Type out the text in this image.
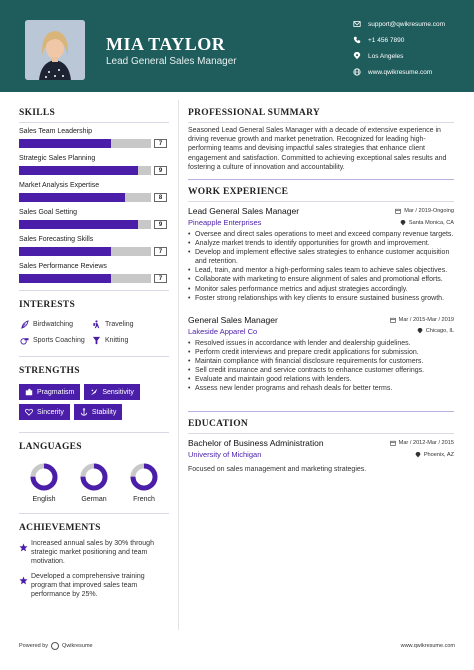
MIA TAYLOR
Lead General Sales Manager
support@qwikresume.com
+1 456 7890
Los Angeles
www.qwikresume.com
SKILLS
Sales Team Leadership
7
Strategic Sales Planning
9
Market Analysis Expertise
8
Sales Goal Setting
9
Sales Forecasting Skills
7
Sales Performance Reviews
7
INTERESTS
Birdwatching	Traveling
Sports Coaching	Knitting
STRENGTHS
Pragmatism	Sensitivity
Sincerity	Stability
LANGUAGES
English	German	French
ACHIEVEMENTS
Increased annual sales by 30% through strategic market positioning and team motivation.
Developed a comprehensive training program that improved sales team performance by 25%.
PROFESSIONAL SUMMARY
Seasoned Lead General Sales Manager with a decade of extensive experience in driving revenue growth and market penetration. Recognized for leading high-performing teams and devising impactful sales strategies that enhance client engagement and satisfaction. Committed to achieving exceptional sales results and fostering a culture of innovation and accountability.
WORK EXPERIENCE
Lead General Sales Manager	Mar / 2019-Ongoing
Pineapple Enterprises	Santa Monica, CA
• Oversee and direct sales operations to meet and exceed company revenue targets.
• Analyze market trends to identify opportunities for growth and improvement.
• Develop and implement effective sales strategies to enhance customer acquisition and retention.
• Lead, train, and mentor a high-performing sales team to achieve sales objectives.
• Collaborate with marketing to ensure alignment of sales and promotional efforts.
• Monitor sales performance metrics and adjust strategies accordingly.
• Foster strong relationships with key clients to ensure sustained business growth.
General Sales Manager	Mar / 2015-Mar / 2019
Lakeside Apparel Co	Chicago, IL
• Resolved issues in accordance with lender and dealership guidelines.
• Perform credit interviews and prepare credit applications for submission.
• Maintain compliance with financial disclosure requirements for customers.
• Sell credit insurance and service contracts to enhance customer offerings.
• Evaluate and maintain good relations with lenders.
• Assess new lender programs and rehash deals for better terms.
EDUCATION
Bachelor of Business Administration	Mar / 2012-Mar / 2015
University of Michigan	Phoenix, AZ
Focused on sales management and marketing strategies.
Powered by	Qwikresume	www.qwikresume.com
